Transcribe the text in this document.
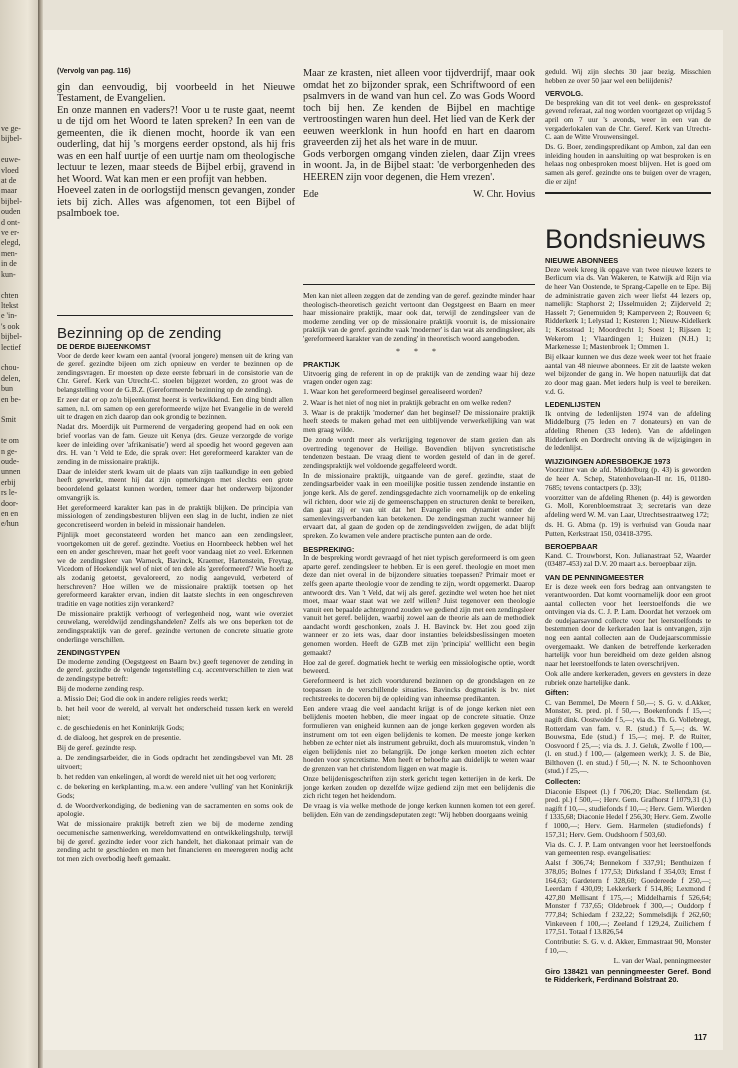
ve ge-
bijbel-

euwe-
vloed
at de
maar
bijbel-
ouden
d ont-
ve er-
elegd,
men-
in de
kun-

chten
ltekst
e 'in-
's ook
bijbel-
lectief

chou-
delen,
bun
en be-

Smit

te om
n ge-
oude-
unnen
erbij
rs le-
door-
en en
e/hun
(Vervolg van pag. 116)

gin dan eenvoudig, bij voorbeeld in het Nieuwe Testament, de Evangelien.

En onze mannen en vaders?! Voor u te ruste gaat, neemt u de tijd om het Woord te laten spreken? In een van de gemeenten, die ik dienen mocht, hoorde ik van een ouderling, dat hij 's morgens eerder opstond, als hij fris was en een half uurtje of een uurtje nam om theologische lectuur te lezen, maar steeds de Bijbel erbij, gravend in het Woord. Wat kan men er een profijt van hebben.

Hoeveel zaten in de oorlogstijd menscn gevangen, zonder iets bij zich. Alles was afgenomen, tot een Bijbel of psalmboek toe.

Maar ze krasten, niet alleen voor tijdverdrijf, maar ook omdat het zo bijzonder sprak, een Schriftwoord of een psalmvers in de wand van hun cel. Zo was Gods Woord toch bij hen. Ze kenden de Bijbel en machtige vertroostingen waren hun deel. Het lied van de Kerk der eeuwen weerklonk in hun hoofd en hart en daarom graveerden zij het als het ware in de muur.

Gods verborgen omgang vinden zielen, daar Zijn vrees in woont. Ja, in de Bijbel staat: 'de verborgenheden des HEEREN zijn voor degenen, die Hem vrezen'.

Ede	W. Chr. Hovius
Bezinning op de zending
DE DERDE BIJEENKOMST

Voor de derde keer kwam een aantal (vooral jongere) mensen uit de kring van de geref. gezindte bijeen om zich opnieuw en verder te bezinnen op de zendingsvragen. Er moesten op deze eerste februari in de consistorie van de Chr. Geref. Kerk van Utrecht-C. stoelen bijgezet worden, zo groot was de belangstelling voor de G.B.Z. (Gereformeerde bezinning op de zending).

Er zeer dat er op zo'n bijeenkomst heerst is verkwikkend. Een ding bindt allen samen, n.l. om samen op een gereformeerde wijze het Evangelie in de wereld uit te dragen en zich daarop dan ook grondig te bezinnen.

Nadat drs. Moerdijk uit Purmerend de vergadering geopend had en ook een brief voorlas van de fam. Geuze uit Kenya (drs. Geuze verzorgde de vorige keer de inleiding over 'afrikanisatie') werd al spoedig het woord gegeven aan drs. H. van 't Veld te Ede, die sprak over: Het gereformeerd karakter van de zending in de missionaire praktijk.

Daar de inleider sterk kwam uit de plaats van zijn taalkundige in een gebied heeft gewerkt, meent hij dat zijn opmerkingen met slechts een grote beoordelend gelaatst kunnen worden, temeer daar het onderwerp bijzonder omvangrijk is.

Het gereformeerd karakter kan pas in de praktijk blijken. De principia van missiologen of zendingsbesturen blijven een slag in de lucht, indien ze niet geconcretiseerd worden in beleid in missionair handelen.

Pijnlijk moet geconstateerd worden het manco aan een zendingsleer, voortgekomen uit de geref. gezindte. Voetius en Hoornbeeck hebben wel het een en ander geschreven, maar het geeft voor vandaag niet zo veel. Erkennen we de zendingsleer van Warneck, Bavinck, Kraemer, Hartenstein, Freytag, Vicedom of Hoekendijk wel of niet of ten dele als 'gereformeerd'? Wie hoeft ze als zodanig getoetst, gevaloreerd, zo nodig aangevuld, verbeterd of herschreven? Hoe willen we de missionaire praktijk toetsen op het gereformeerd karakter ervan, indien dit laatste slechts in een ongeschreven traditie en vage notities zijn verankerd?

De missionaire praktijk verhoogt of verlegenheid nog, want wie overziet ceuwelang, wereldwijd zendingshandelen? Zelfs als we ons beperken tot de zendingspraktijk van de geref. gezindte vertonen de concrete situatie grote onderlinge verschillen.

ZENDINGSTYPEN

De moderne zending (Oegstgeest en Baarn bv.) geeft tegenover de zending in de geref. gezindte de volgende tegenstelling c.q. accentverschillen te zien wat de zendingstype betreft:

Bij de moderne zending resp.

a. Missio Dei; God die ook in andere religies reeds werkt;

b. het heil voor de wereld, al vervalt het onderscheid tussen kerk en wereld niet;

c. de geschiedenis en het Koninkrijk Gods;

d. de dialoog, het gesprek en de presentie.

Bij de geref. gezindte resp.

a. De zendingsarbeider, die in Gods opdracht het zendingsbevel van Mt. 28 uitvoert;

b. het redden van enkelingen, al wordt de wereld niet uit het oog verloren;

c. de bekering en kerkplanting, m.a.w. een andere 'vulling' van het Koninkrijk Gods;

d. de Woordverkondiging, de bediening van de sacramenten en soms ook de apologie.

Wat de missionaire praktijk betreft zien we bij de moderne zending oecumenische samenwerking, wereldomvattend en ontwikkelingshulp, terwijl bij de geref. gezindte ieder voor zich handelt, het diakonaat primair van de zending acht te geschieden en men het financieren en meeregeren nodig acht tot men zich overbodig heeft gemaakt.

Men kan niet alleen zeggen dat de zending van de geref. gezindte minder haar theologisch-theoretisch gezicht vertoont dan Oegstgeest en Baarn en meer haar missionaire praktijk, maar ook dat, terwijl de zendingsleer van de moderne zending ver op de missionaire praktijk vooruit is, de missionaire praktijk van de geref. gezindte vaak 'moderner' is dan wat als zendingsleer, als 'gereformeerd karakter van de zending' in theoretisch woord aangeboden.

* * *
PRAKTIJK

Uitvoerig ging de referent in op de praktijk van de zending waar hij deze vragen onder ogen zag:

1. Waar kon het gereformeerd beginsel gerealiseerd worden?

2. Waar is het niet of nog niet in praktijk gebracht en om welke reden?

3. Waar is de praktijk 'moderner' dan het beginsel? De missionaire praktijk heeft steeds te maken gehad met een uitblijvende verwerkelijking van wat men graag wilde.

De zonde wordt meer als verkrijging tegenover de stam gezien dan als overtreding tegenover de Heilige. Bovendien blijven syncretistische tendenzen bestaan. De vraag dient te worden gesteld of dan in de geref. zendingspraktijk wel voldoende gegaffeleerd wordt.

In de missionaire praktijk, uitgaande van de geref. gezindte, staat de zendingsarbeider vaak in een moeilijke positie tussen zendende instantie en jonge kerk. Als de geref. zendingsgedachte zich voornamelijk op de enkeling wil richten, door wie zij de gemeenschappen en structuren denkt te bereiken, dan gaat zij er van uit dat het Evangelie een dynamiet onder de samenlevingsverbanden kan betekenen. De zendingsman zucht wanneer hij ervaart dat, al gaan de goden op de zendingsvelden zwijgen, de adat blijft spreken. Zo kwamen vele andere practische punten aan de orde.

BESPREKING:

In de bespreking wordt gevraagd of het niet typisch gereformeerd is om geen aparte geref. zendingsleer te hebben. Er is een geref. theologie en moet men deze dan niet overal in de bijzondere situaties toepassen? Primair moet er zelfs geen aparte theologie voor de zending te zijn, wordt opgemerkt. Daarop antwoordt drs. Van 't Veld, dat wij als geref. gezindte wel weten hoe het niet moet, maar waar staat wat we zelf willen? Juist tegenover een theologie vanuit een bepaalde achtergrond zouden we gediend zijn met een zendingsleer vanuit het geref. belijden, waarbij zowel aan de theorie als aan de methodiek aandacht wordt geschonken, zoals J. H. Bavinck bv. Het zou goed zijn wanneer er zo iets was, daar door instanties beleidsbeslissingen moeten genomen worden. Heeft de GZB met zijn 'principia' welllicht een begin gemaakt?

Hoe zal de geref. dogmatiek hecht te werkig een missiologische optie, wordt beweerd.

Gereformeerd is het zich voortdurend bezinnen op de grondslagen en ze toepassen in de verschillende situaties. Bavincks dogmatiek is bv. niet rechtstreeks te doceren bij de opleiding van inheemse predikanten.

Een andere vraag die veel aandacht krijgt is of de jonge kerken niet een belijdenis moeten hebben, die meer ingaat op de concrete situatie. Onze formulieren van enigheid kunnen aan de jonge kerken gegeven worden als instrument om tot een eigen belijdenis te komen. De meeste jonge kerken hebben ze echter niet als instrument gebruikt, doch als muuromstuk, vinden 'n eigen belijdenis niet zo belangrijk. De jonge kerken moeten zich echter hoeden voor syncretisme. Men heeft er behoefte aan duidelijk te weten waar de grenzen van het christendom liggen en wat magie is.

Onze belijdenisgeschriften zijn sterk gericht tegen ketterijen in de kerk. De jonge kerken zouden op dezelfde wijze gediend zijn met een belijdenis die zich richt tegen het heidendom.

De vraag is via welke methode de jonge kerken kunnen komen tot een geref. belijden. Eén van de zendingsdeputaten zegt: 'Wij hebben doorgaans weinig

geduld. Wij zijn slechts 30 jaar bezig. Misschien hebben ze over 50 jaar wel een beliijdenis?

VERVOLG.

De bespreking van dit tot veel denk- en gespreksstof gevend referaat, zal nog worden voortgezet op vrijdag 5 april om 7 uur 's avonds, weer in een van de vergaderlokalen van de Chr. Geref. Kerk van Utrecht-C. aan de Witte Vrouwensingel.

Ds. G. Boer, zendingspredikant op Ambon, zal dan een inleiding houden in aansluiting op wat besproken is en helaas nog onbesproken moest blijven. Het is goed om samen als geref. gezindte ons te buigen over de vragen, die er zijn!

Bondsnieuws
NIEUWE ABONNEES

Deze week kreeg ik opgave van twee nieuwe lezers te Berlicum via ds. Van Wakeren, te Katwijk a/d Rijn via de heer Van Oostende, te Sprang-Capelle en te Epe. Bij de administratie gaven zich weer liefst 44 lezers op, namelijk: Staphorst 2; IJsselmuiden 2; Zijderveld 2; Hasselt 7; Genemuiden 9; Kamperveen 2; Rouveen 6; Ridderkerk 1; Lelystad 1; Kesteren 1; Nieuw-Kidelkerk 1; Ketsstead 1; Moordrecht 1; Soest 1; Rijssen 1; Wekerom 1; Vlaardingen 1; Huizen (N.H.) 1; Markenesse 1; Mastenbroek 1; Ommen 1.

Bij elkaar kunnen we dus deze week weer tot het fraaie aantal van 48 nieuwe abonnees. Er zit de laatste weken wel bijzonder de gang in. We hopen natuurlijk dat dat zo door mag gaan. Met ieders hulp is veel te bereiken. v.d. G.

LEDENLIJSTEN

Ik ontving de ledenlijsten 1974 van de afdeling Middelburg (75 leden en 7 donateurs) en van de afdeling Rhenen (33 leden). Van de afdelingen Ridderkerk en Dordrecht ontving ik de wijzigingen in de ledenlijst.

WIJZIGINGEN ADRESBOEKJE 1973

Voorzitter van de afd. Middelburg (p. 43) is geworden de heer A. Schep, Statenhovelaan-II nr. 16, 01180-7685; tevens contactpers (p. 33);

voorzitter van de afdeling Rhenen (p. 44) is geworden G. Moll, Korenbloemstraat 3; secretaris van deze afdeling werd W. M. van Laar, Utrechtsestraatweg 172;

ds. H. G. Abma (p. 19) is verhuisd van Gouda naar Putten, Kerkstraat 150, 03418-3795.

BEROEPBAAR

Kand. C. Trouwborst, Kon. Julianastraat 52, Waarder (03487-453) zal D.V. 20 maart a.s. beroepbaar zijn.

VAN DE PENNINGMEESTER

Er is deze week een fors bedrag aan ontvangsten te verantwoorden. Dat komt voornamelijk door een groot aantal collecten voor het leerstoelfonds die we ontvingen via ds. C. J. P. Lam. Doordat het verzoek om de oudejaarsavond collecte voor het leerstoelfonds te bestemmen door de kerkeraden laat is ontvangen, zijn nog een aantal collecten aan de Oudejaarscommissie overgemaakt. We danken de betreffende kerkeraden hartelijk voor hun bereidheid om deze gelden alsnog naar het leerstoelfonds te laten overschrijven.

Ook alle andere kerkeraden, gevers en gevsters in deze rubriek onze hartelijke dank.

Giften:

C. van Bemmel, De Meern f 50,—; S. G. v. d.Akker, Monster, St. pred. pl. f 50,—, Boekenfonds f 15,—; nagift dink. Oostwolde f 5,—; via ds. Th. G. Vollebregt, Rotterdam van fam. v. R. (stud.) f 5,—; ds. W. Bouwsma, Ede (stud.) f 15,—; mej. P. de Ruiter, Oosvoord f 25,—; via ds. J. J. Geluk, Zwolle f 100,— (l. en stud.) f 100,— (algemeen werk); J. S. de Bie, Bilthoven (l. en stud.) f 50,—; N. N. te Schoonhoven (stud.) f 25,—.

Collecten:

Diaconie Elspeet (l.) f 706,20; Diac. Stellendam (st. pred. pl.) f 500,—; Herv. Gem. Grafhorst f 1079,31 (l.) nagift f 10,—, studiefonds f 10,—; Herv. Gem. Wierden f 1335,68; Diaconie Hedel f 256,30; Herv. Gem. Zwolle f 1000,—; Herv. Gem. Harmelen (studiefonds) f 157,31; Herv. Gem. Oudshoorn f 503,60.

Via ds. C. J. P. Lam ontvangen voor het leerstoelfonds van gemeenten resp. evangelisaties:

Aalst f 306,74; Bennekom f 337,91; Benthuizen f 378,05; Bolnes f 177,53; Dirksland f 354,03; Emst f 164,63; Gardetern f 328,60; Goedereede f 250,—; Leerdam f 430,09; Lekkerkerk f 514,86; Lexmond f 427,80 Mellisant f 175,—; Middelharnis f 526,64; Monster f 737,65; Oldebroek f 300,—; Ouddorp f 777,84; Schiedam f 232,22; Sommelsdijk f 262,60; Vinkeveen f 100,—; Zeeland f 129,24, Zuilichem f 177,51. Totaal f 13.826,54

Contributie: S. G. v. d. Akker, Emmastraat 90, Monster f 10,—.

L. van der Waal, penningmeester

Giro 138421 van penningmeester Geref. Bond te Ridderkerk, Ferdinand Bolstraat 20.

117
